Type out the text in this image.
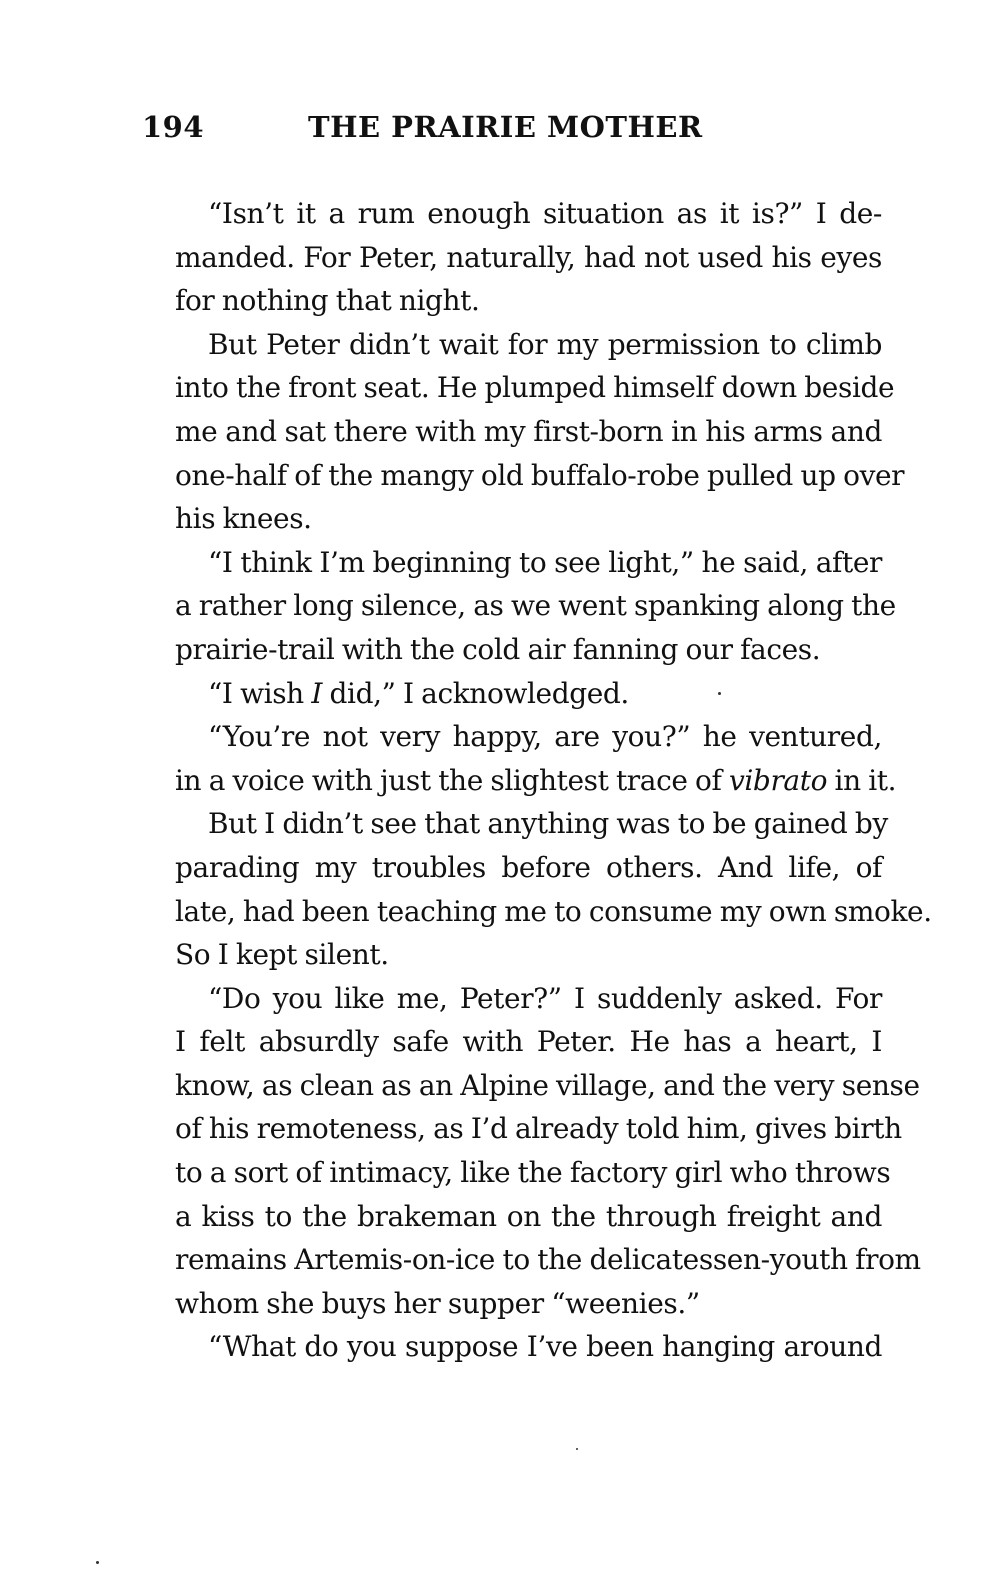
194	THE PRAIRIE MOTHER
“Isn’t it a rum enough situation as it is?” I de-
manded. For Peter, naturally, had not used his eyes
for nothing that night.
But Peter didn’t wait for my permission to climb
into the front seat. He plumped himself down beside
me and sat there with my first-born in his arms and
one-half of the mangy old buffalo-robe pulled up over
his knees.
“I think I’m beginning to see light,” he said, after
a rather long silence, as we went spanking along the
prairie-trail with the cold air fanning our faces.
“I wish I did,” I acknowledged.
“You’re not very happy, are you?” he ventured,
in a voice with just the slightest trace of vibrato in it.
But I didn’t see that anything was to be gained by
parading my troubles before others. And life, of
late, had been teaching me to consume my own smoke.
So I kept silent.
“Do you like me, Peter?” I suddenly asked. For
I felt absurdly safe with Peter. He has a heart, I
know, as clean as an Alpine village, and the very sense
of his remoteness, as I’d already told him, gives birth
to a sort of intimacy, like the factory girl who throws
a kiss to the brakeman on the through freight and
remains Artemis-on-ice to the delicatessen-youth from
whom she buys her supper “weenies.”
“What do you suppose I’ve been hanging around
